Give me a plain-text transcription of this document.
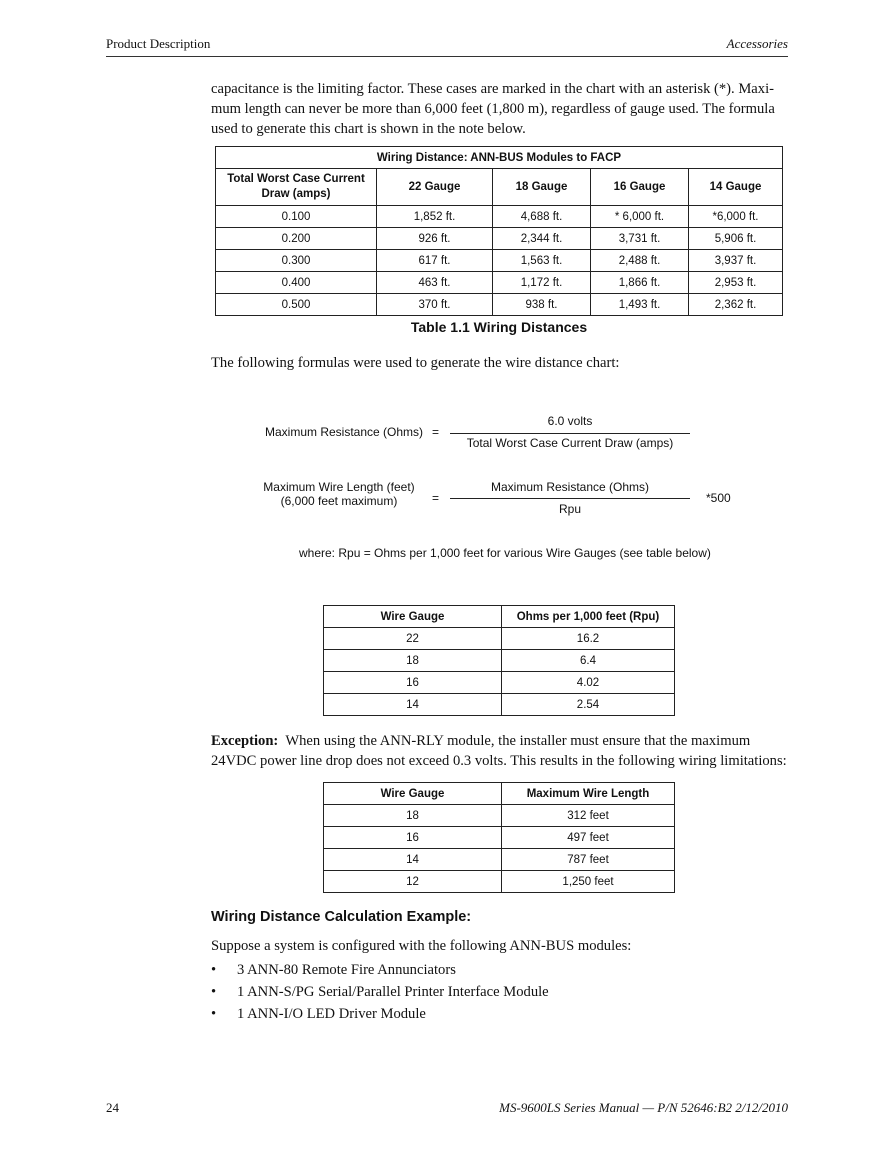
Product Description	Accessories
capacitance is the limiting factor. These cases are marked in the chart with an asterisk (*). Maxi-
mum length can never be more than 6,000 feet (1,800 m), regardless of gauge used. The formula
used to generate this chart is shown in the note below.
Wiring Distance: ANN-BUS Modules to FACP				
Total Worst Case Current Draw (amps)	22 Gauge	18 Gauge	16 Gauge	14 Gauge
0.100	1,852 ft.	4,688 ft.	* 6,000 ft.	*6,000 ft.
0.200	926 ft.	2,344 ft.	3,731 ft.	5,906 ft.
0.300	617 ft.	1,563 ft.	2,488 ft.	3,937 ft.
0.400	463 ft.	1,172 ft.	1,866 ft.	2,953 ft.
0.500	370 ft.	938 ft.	1,493 ft.	2,362 ft.
Table 1.1 Wiring Distances
The following formulas were used to generate the wire distance chart:
Maximum Resistance (Ohms) =
6.0 volts
Total Worst Case Current Draw (amps)
Maximum Wire Length (feet)
(6,000 feet maximum)	=
Maximum Resistance (Ohms)
Rpu
*500
where: Rpu = Ohms per 1,000 feet for various Wire Gauges (see table below)
Wire Gauge	Ohms per 1,000 feet (Rpu)
22	16.2
18	6.4
16	4.02
14	2.54
Exception:  When using the ANN-RLY module, the installer must ensure that the maximum
24VDC power line drop does not exceed 0.3 volts. This results in the following wiring limitations:
Wire Gauge	Maximum Wire Length
18	312 feet
16	497 feet
14	787 feet
12	1,250 feet
Wiring Distance Calculation Example:
Suppose a system is configured with the following ANN-BUS modules:
• 3 ANN-80 Remote Fire Annunciators
• 1 ANN-S/PG Serial/Parallel Printer Interface Module
• 1 ANN-I/O LED Driver Module
24	MS-9600LS Series Manual — P/N 52646:B2 2/12/2010
